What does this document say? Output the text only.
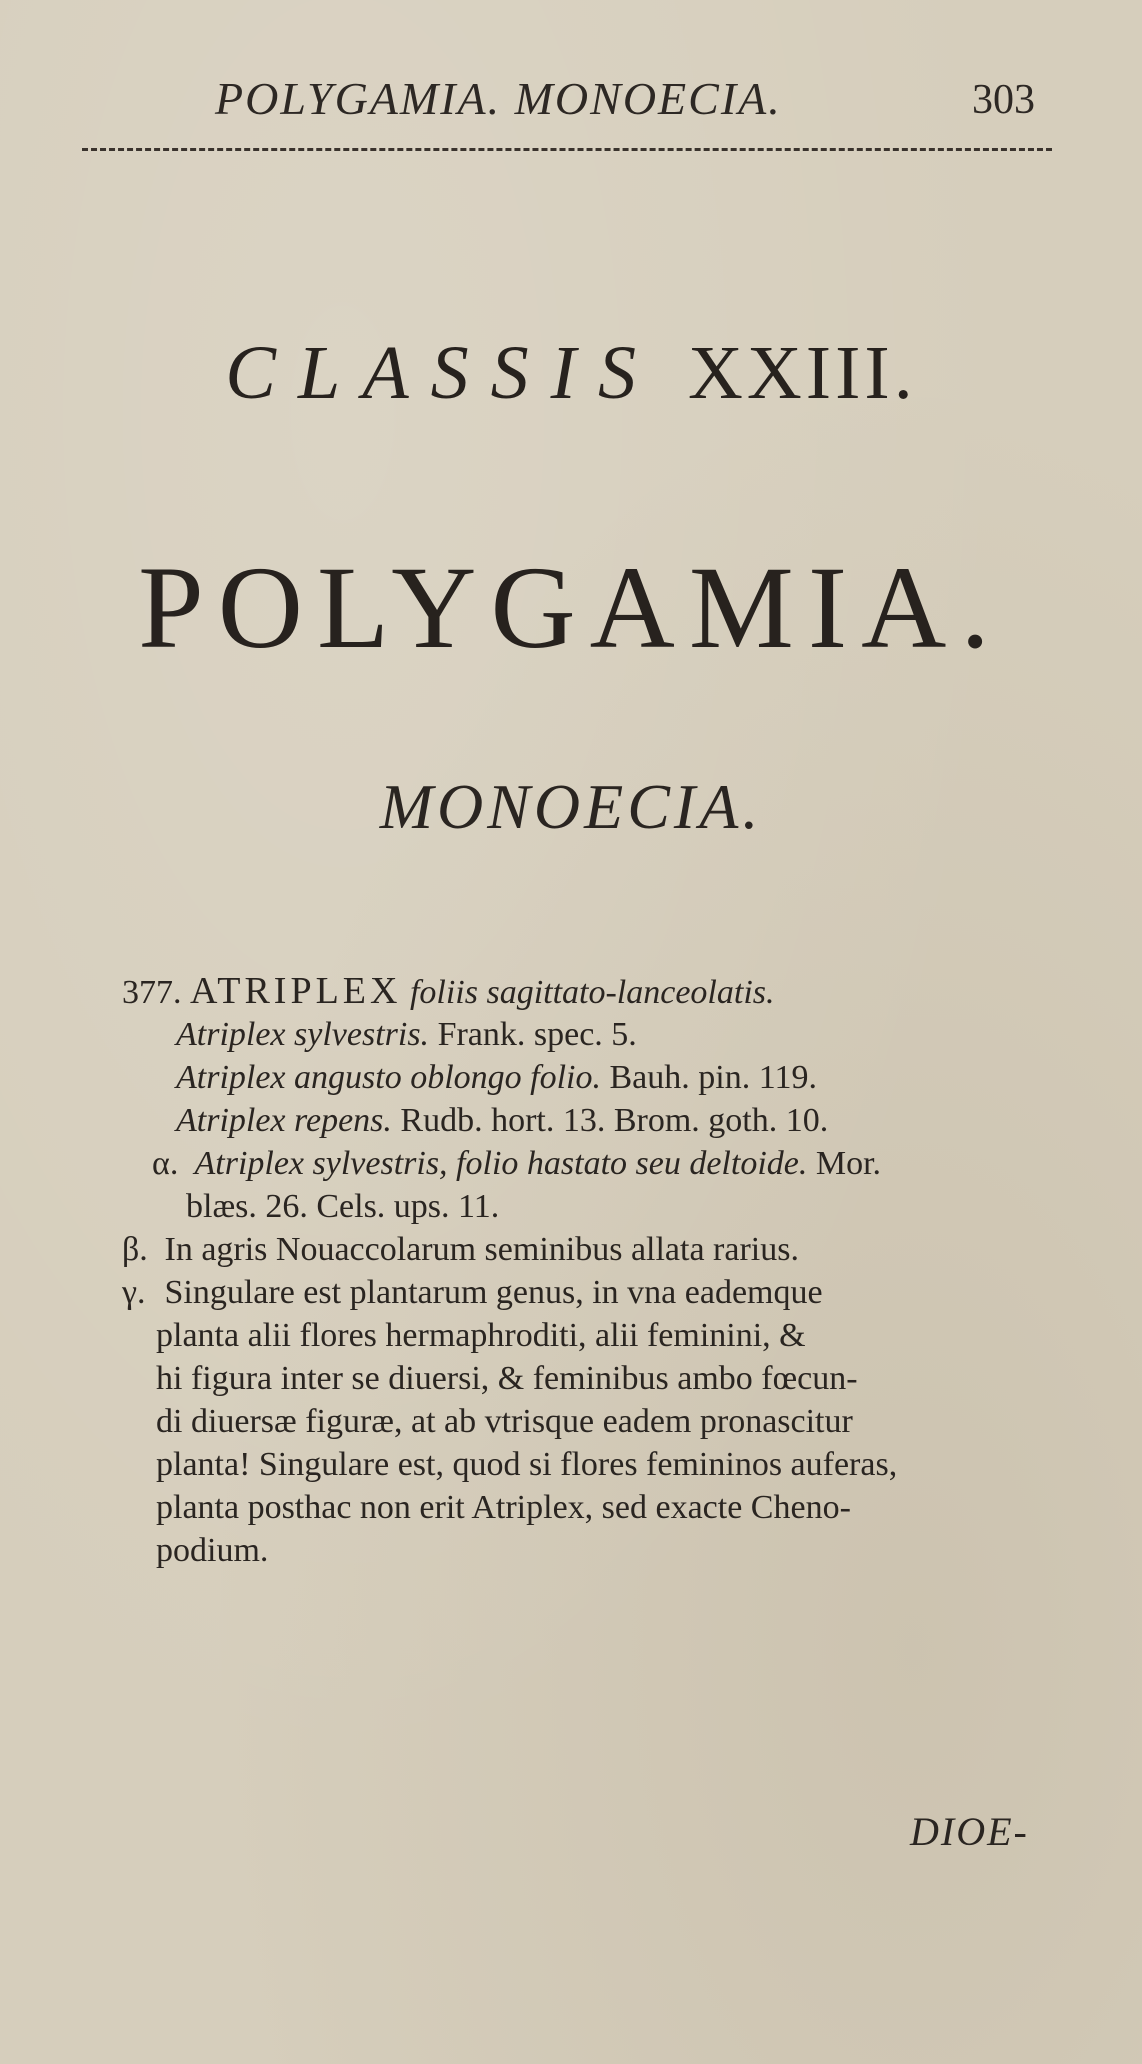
POLYGAMIA. MONOECIA.	303
CLASSIS XXIII.
POLYGAMIA.
MONOECIA.
377. ATRIPLEX foliis sagittato-lanceolatis.
Atriplex sylvestris. Frank. spec. 5.
Atriplex angusto oblongo folio. Bauh. pin. 119.
Atriplex repens. Rudb. hort. 13. Brom. goth. 10.
α. Atriplex sylvestris, folio hastato seu deltoide. Mor.
blæs. 26. Cels. ups. 11.
β. In agris Nouaccolarum seminibus allata rarius.
γ. Singulare est plantarum genus, in vna eademque
planta alii flores hermaphroditi, alii feminini, &
hi figura inter se diuersi, & feminibus ambo fœcun-
di diuersæ figuræ, at ab vtrisque eadem pronascitur
planta! Singulare est, quod si flores femininos auferas,
planta posthac non erit Atriplex, sed exacte Cheno-
podium.
DIOE-
